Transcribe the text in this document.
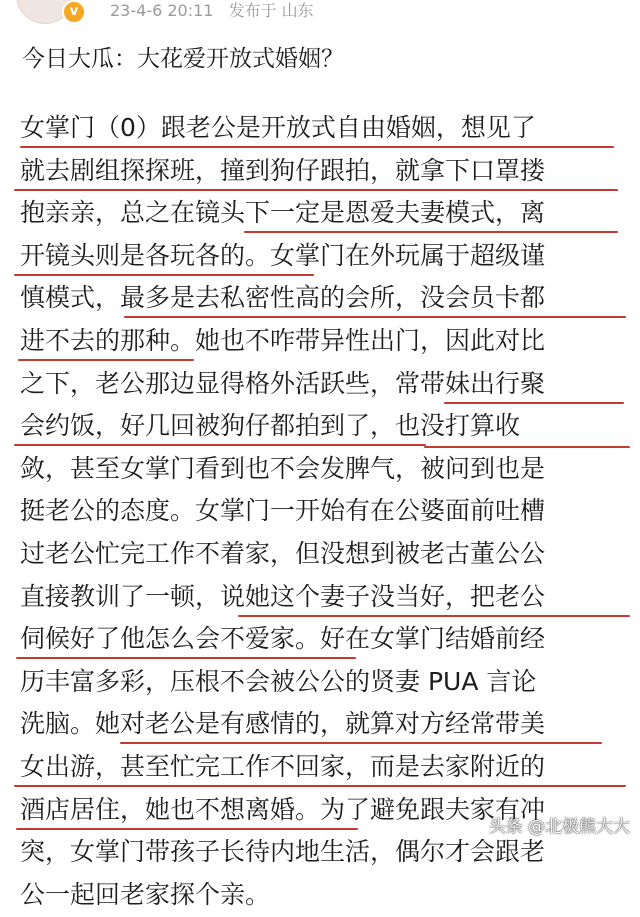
v	23-4-6 20:11 发布于 山东
今日大瓜：大花爱开放式婚姻？
女掌门（0）跟老公是开放式自由婚姻，想见了
就去剧组探探班，撞到狗仔跟拍，就拿下口罩搂
抱亲亲，总之在镜头下一定是恩爱夫妻模式，离
开镜头则是各玩各的。女掌门在外玩属于超级谨
慎模式，最多是去私密性高的会所，没会员卡都
进不去的那种。她也不咋带异性出门，因此对比
之下，老公那边显得格外活跃些，常带妹出行聚
会约饭，好几回被狗仔都拍到了，也没打算收
敛，甚至女掌门看到也不会发脾气，被问到也是
挺老公的态度。女掌门一开始有在公婆面前吐槽
过老公忙完工作不着家，但没想到被老古董公公
直接教训了一顿，说她这个妻子没当好，把老公
伺候好了他怎么会不爱家。好在女掌门结婚前经
历丰富多彩，压根不会被公公的贤妻 PUA 言论
洗脑。她对老公是有感情的，就算对方经常带美
女出游，甚至忙完工作不回家，而是去家附近的
酒店居住，她也不想离婚。为了避免跟夫家有冲
突，女掌门带孩子长待内地生活，偶尔才会跟老
公一起回老家探个亲。
头条 @北极熊大大
